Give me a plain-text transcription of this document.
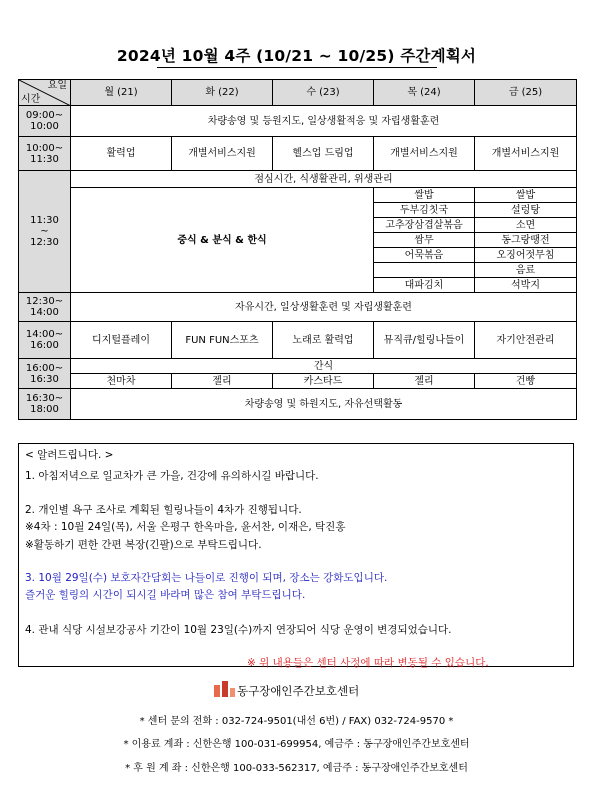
2024년 10월 4주 (10/21 ~ 10/25) 주간계획서
요일
시간	월 (21)	화 (22)	수 (23)	목 (24)	금 (25)
09:00~
10:00	차량송영 및 등원지도, 일상생활적응 및 자립생활훈련				
10:00~
11:30	활력업	개별서비스지원	헬스업 드림업	개별서비스지원	개별서비스지원
11:30
~
12:30	점심시간, 식생활관리, 위생관리				
	중식 & 분식 & 한식			쌀밥	쌀밥
				두부김칫국	설렁탕
				고추장삼겹살볶음	소면
				쌈무	동그랑땡전
				어묵볶음	오징어젓무침
					음료
				대파김치	석박지
12:30~
14:00	자유시간, 일상생활훈련 및 자립생활훈련				
14:00~
16:00	디지털플레이	FUN FUN스포츠	노래로 활력업	뮤직큐/힐링나들이	자기안전관리
16:00~
16:30	간식				
	천마차	젤리	카스타드	젤리	건빵
16:30~
18:00	차량송영 및 하원지도, 자유선택활동				
< 알려드립니다. >
1. 아침저녁으로 일교차가 큰 가을, 건강에 유의하시길 바랍니다.
2. 개인별 욕구 조사로 계획된 힐링나들이 4차가 진행됩니다.
※4차 : 10월 24일(목), 서울 은평구 한옥마을, 윤서찬, 이재은, 탁진홍
※활동하기 편한 간편 복장(긴팔)으로 부탁드립니다.
3. 10월 29일(수) 보호자간담회는 나들이로 진행이 되며, 장소는 강화도입니다.
즐거운 힐링의 시간이 되시길 바라며 많은 참여 부탁드립니다.
4. 관내 식당 시설보강공사 기간이 10월 23일(수)까지 연장되어 식당 운영이 변경되었습니다.
※ 위 내용들은 센터 사정에 따라 변동될 수 있습니다.
동구장애인주간보호센터
* 센터 문의 전화 : 032-724-9501(내선 6번) / FAX) 032-724-9570 *
* 이용료 계좌 : 신한은행 100-031-699954, 예금주 : 동구장애인주간보호센터
* 후 원 계 좌 : 신한은행 100-033-562317, 예금주 : 동구장애인주간보호센터
